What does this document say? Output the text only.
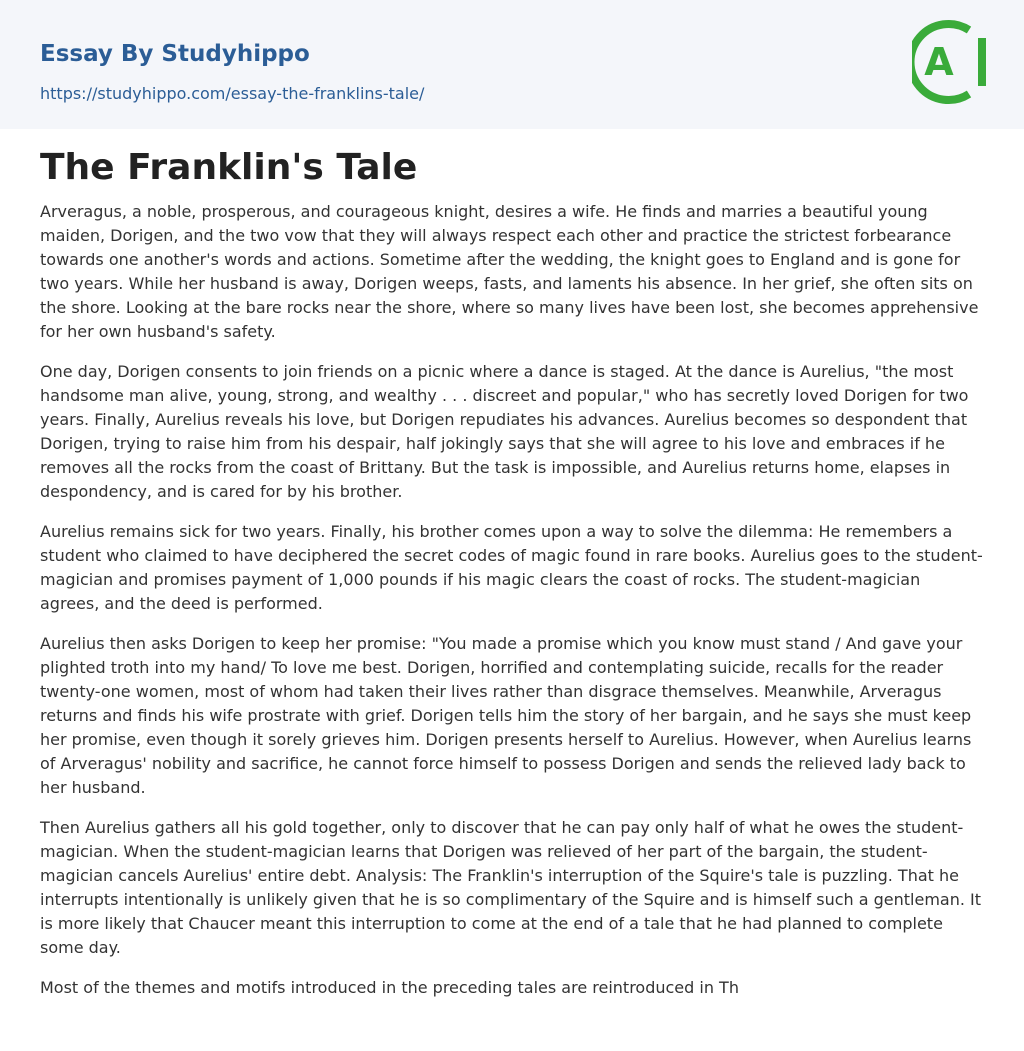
Essay By Studyhippo
https://studyhippo.com/essay-the-franklins-tale/
A
The Franklin's Tale

Arveragus, a noble, prosperous, and courageous knight, desires a wife. He finds and marries a beautiful young maiden, Dorigen, and the two vow that they will always respect each other and practice the strictest forbearance towards one another's words and actions. Sometime after the wedding, the knight goes to England and is gone for two years. While her husband is away, Dorigen weeps, fasts, and laments his absence. In her grief, she often sits on the shore. Looking at the bare rocks near the shore, where so many lives have been lost, she becomes apprehensive for her own husband's safety.

One day, Dorigen consents to join friends on a picnic where a dance is staged. At the dance is Aurelius, "the most handsome man alive, young, strong, and wealthy . . . discreet and popular," who has secretly loved Dorigen for two years. Finally, Aurelius reveals his love, but Dorigen repudiates his advances. Aurelius becomes so despondent that Dorigen, trying to raise him from his despair, half jokingly says that she will agree to his love and embraces if he removes all the rocks from the coast of Brittany. But the task is impossible, and Aurelius returns home, elapses in despondency, and is cared for by his brother.

Aurelius remains sick for two years. Finally, his brother comes upon a way to solve the dilemma: He remembers a student who claimed to have deciphered the secret codes of magic found in rare books. Aurelius goes to the student-magician and promises payment of 1,000 pounds if his magic clears the coast of rocks. The student-magician agrees, and the deed is performed.

Aurelius then asks Dorigen to keep her promise: "You made a promise which you know must stand / And gave your plighted troth into my hand/ To love me best. Dorigen, horrified and contemplating suicide, recalls for the reader twenty-one women, most of whom had taken their lives rather than disgrace themselves. Meanwhile, Arveragus returns and finds his wife prostrate with grief. Dorigen tells him the story of her bargain, and he says she must keep her promise, even though it sorely grieves him. Dorigen presents herself to Aurelius. However, when Aurelius learns of Arveragus' nobility and sacrifice, he cannot force himself to possess Dorigen and sends the relieved lady back to her husband.

Then Aurelius gathers all his gold together, only to discover that he can pay only half of what he owes the student-magician. When the student-magician learns that Dorigen was relieved of her part of the bargain, the student-magician cancels Aurelius' entire debt. Analysis: The Franklin's interruption of the Squire's tale is puzzling. That he interrupts intentionally is unlikely given that he is so complimentary of the Squire and is himself such a gentleman. It is more likely that Chaucer meant this interruption to come at the end of a tale that he had planned to complete some day.

Most of the themes and motifs introduced in the preceding tales are reintroduced in Th
